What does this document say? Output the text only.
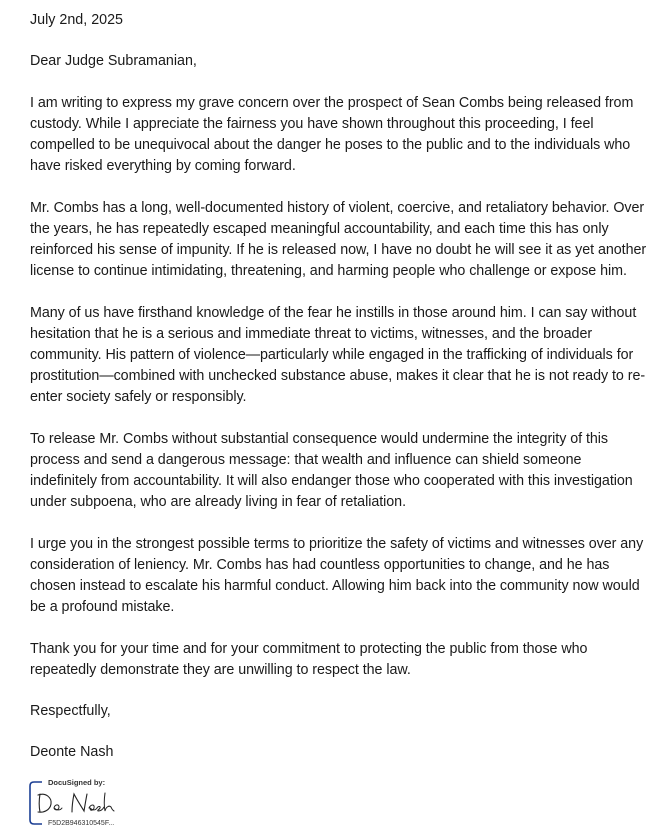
July 2nd, 2025

Dear Judge Subramanian,

I am writing to express my grave concern over the prospect of Sean Combs being released from custody. While I appreciate the fairness you have shown throughout this proceeding, I feel compelled to be unequivocal about the danger he poses to the public and to the individuals who have risked everything by coming forward.

Mr. Combs has a long, well-documented history of violent, coercive, and retaliatory behavior. Over the years, he has repeatedly escaped meaningful accountability, and each time this has only reinforced his sense of impunity. If he is released now, I have no doubt he will see it as yet another license to continue intimidating, threatening, and harming people who challenge or expose him.

Many of us have firsthand knowledge of the fear he instills in those around him. I can say without hesitation that he is a serious and immediate threat to victims, witnesses, and the broader community. His pattern of violence—particularly while engaged in the trafficking of individuals for prostitution—combined with unchecked substance abuse, makes it clear that he is not ready to re-enter society safely or responsibly.

To release Mr. Combs without substantial consequence would undermine the integrity of this process and send a dangerous message: that wealth and influence can shield someone indefinitely from accountability. It will also endanger those who cooperated with this investigation under subpoena, who are already living in fear of retaliation.

I urge you in the strongest possible terms to prioritize the safety of victims and witnesses over any consideration of leniency. Mr. Combs has had countless opportunities to change, and he has chosen instead to escalate his harmful conduct. Allowing him back into the community now would be a profound mistake.

Thank you for your time and for your commitment to protecting the public from those who repeatedly demonstrate they are unwilling to respect the law.

Respectfully,

Deonte Nash

DocuSigned by:
F5D2B946310545F...
